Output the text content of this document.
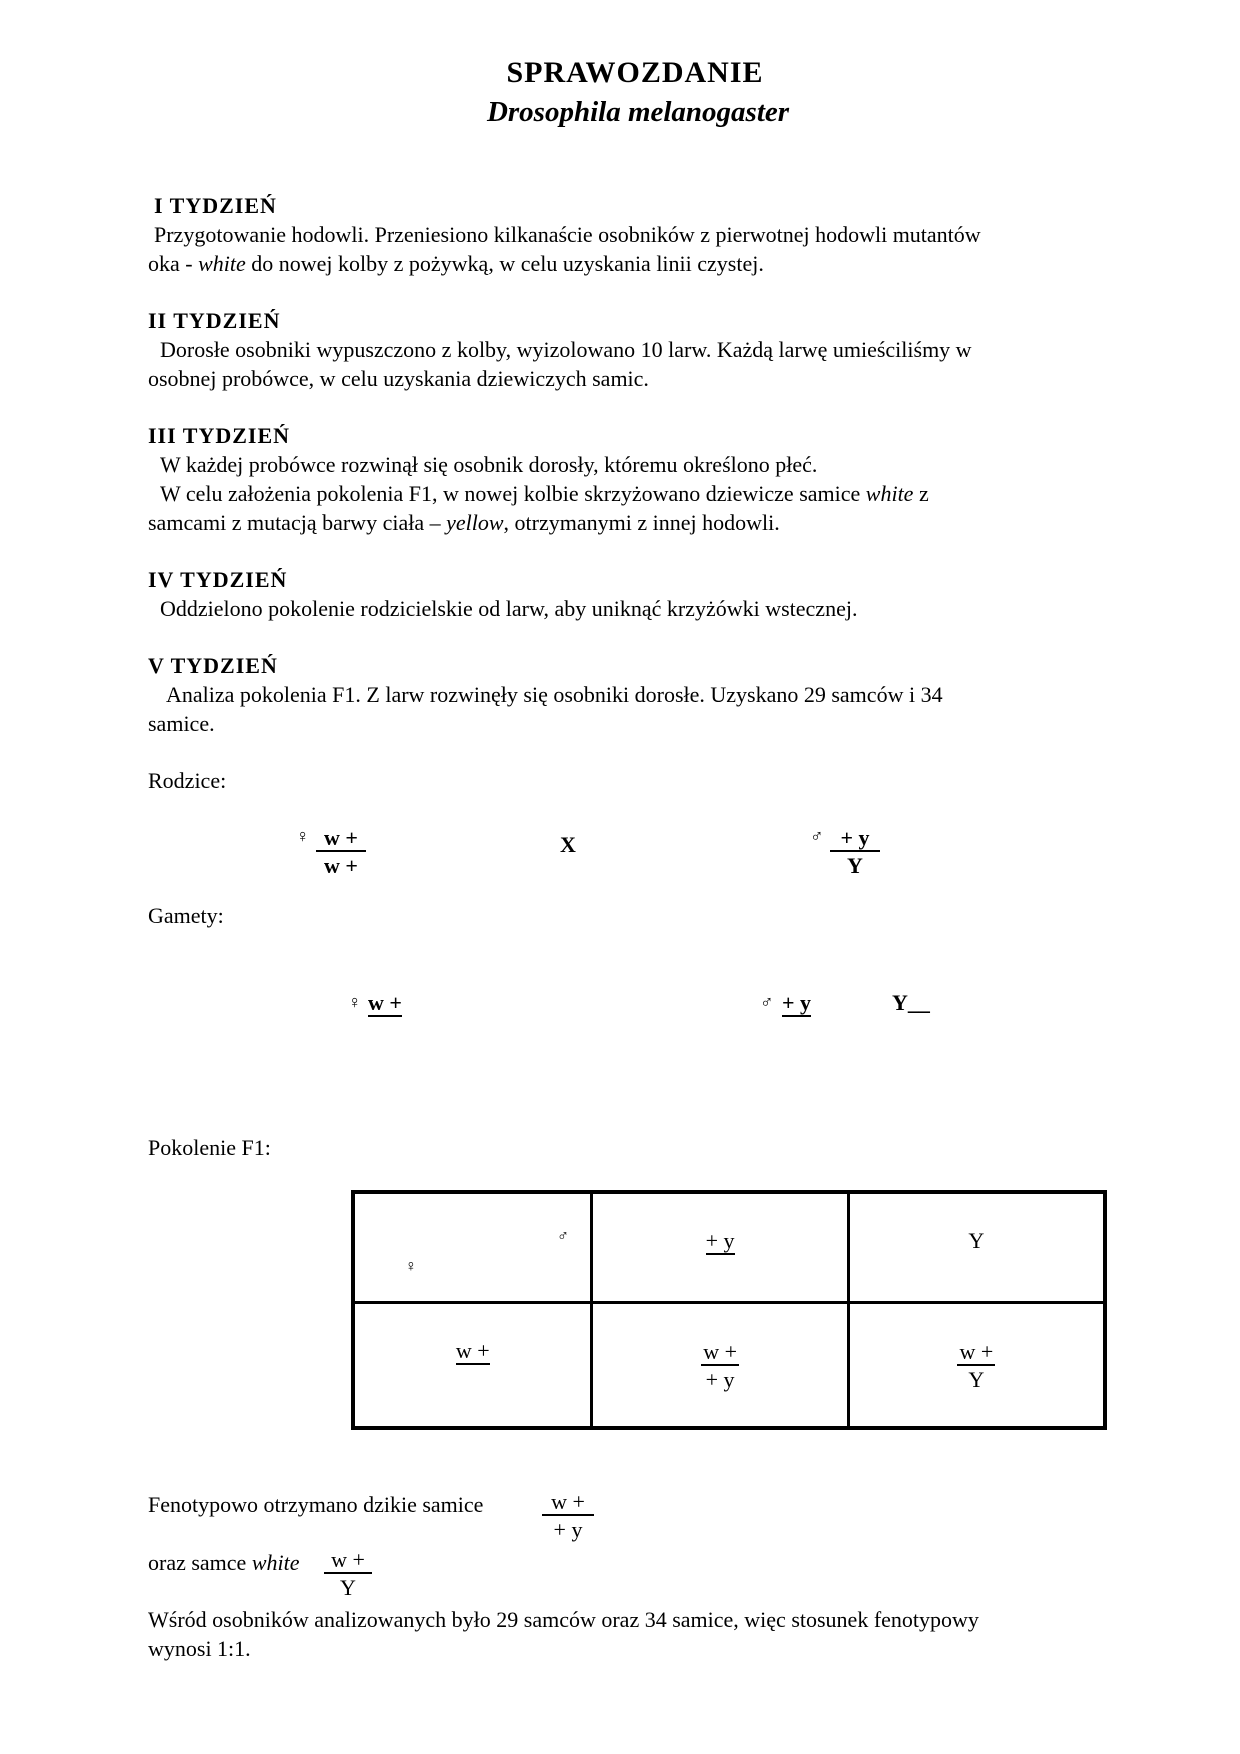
SPRAWOZDANIE
Drosophila melanogaster
I TYDZIEŃ
Przygotowanie hodowli. Przeniesiono kilkanaście osobników z pierwotnej hodowli mutantów
oka - white do nowej kolby z pożywką, w celu uzyskania linii czystej.
II TYDZIEŃ
Dorosłe osobniki wypuszczono z kolby, wyizolowano 10 larw. Każdą larwę umieściliśmy w
osobnej probówce, w celu uzyskania dziewiczych samic.
III TYDZIEŃ
W każdej probówce rozwinął się osobnik dorosły, któremu określono płeć.
W celu założenia pokolenia F1, w nowej kolbie skrzyżowano dziewicze samice white z
samcami z mutacją barwy ciała – yellow, otrzymanymi z innej hodowli.
IV TYDZIEŃ
Oddzielono pokolenie rodzicielskie od larw, aby uniknąć krzyżówki wstecznej.
V TYDZIEŃ
Analiza pokolenia F1. Z larw rozwinęły się osobniki dorosłe. Uzyskano 29 samców i 34
samice.
Rodzice:
♀ $\frac{w +}{w +}$	X	♂ $\frac{+ y}{Y}$
Gamety:
♀ w +	♂ + y	Y__
Pokolenie F1:
♂
♀	+ y	Y

w +	$\frac{w +}{+ y}$	$\frac{w +}{Y}$
Fenotypowo otrzymano dzikie samice	$\frac{w +}{+ y}$
oraz samce white $\frac{w +}{Y}$
Wśród osobników analizowanych było 29 samców oraz 34 samice, więc stosunek fenotypowy
wynosi 1:1.
